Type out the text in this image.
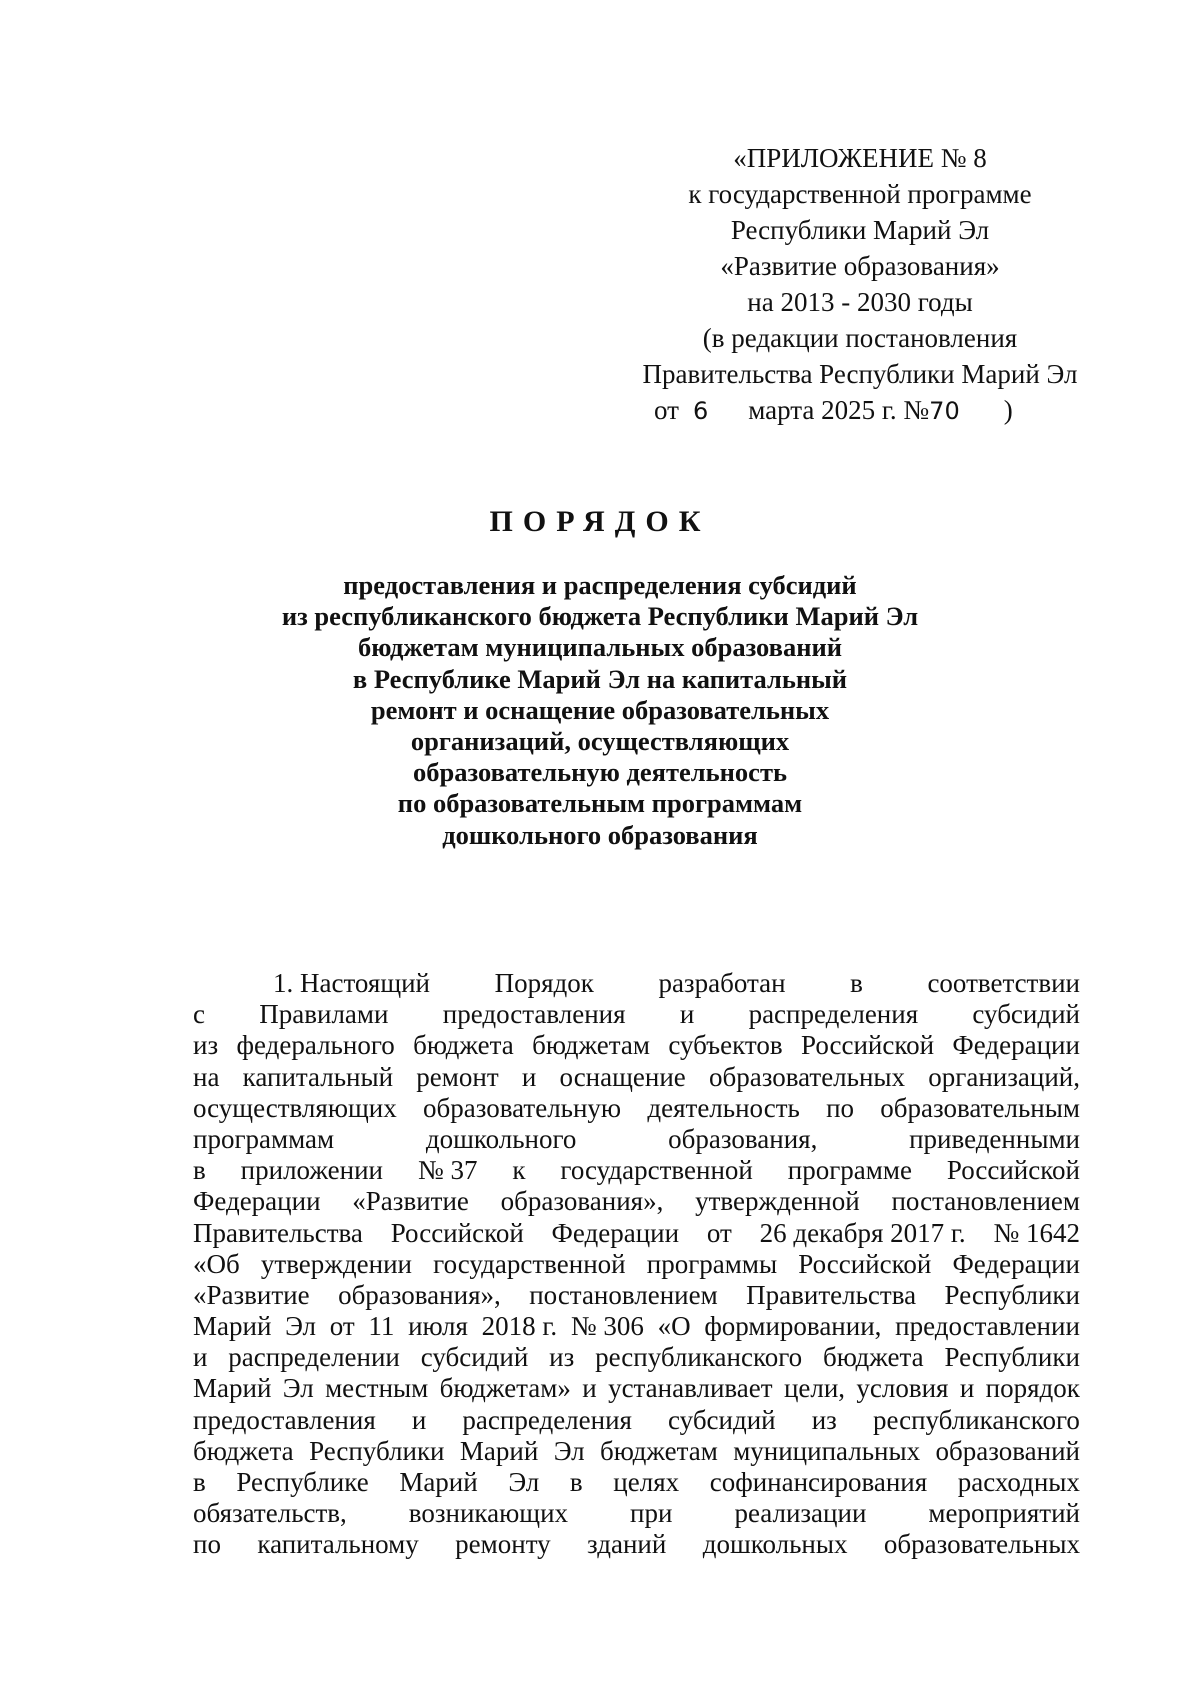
«ПРИЛОЖЕНИЕ № 8
к государственной программе
Республики Марий Эл
«Развитие образования»
на 2013 - 2030 годы
(в редакции постановления
Правительства Республики Марий Эл
от 6 марта 2025 г. №70 )
ПОРЯДОК
предоставления и распределения субсидий
из республиканского бюджета Республики Марий Эл
бюджетам муниципальных образований
в Республике Марий Эл на капитальный
ремонт и оснащение образовательных
организаций, осуществляющих
образовательную деятельность
по образовательным программам
дошкольного образования
1. Настоящий Порядок разработан в соответствии
с Правилами предоставления и распределения субсидий
из федерального бюджета бюджетам субъектов Российской Федерации
на капитальный ремонт и оснащение образовательных организаций,
осуществляющих образовательную деятельность по образовательным
программам	дошкольного	образования,	приведенными
в приложении № 37 к государственной программе Российской
Федерации «Развитие образования», утвержденной постановлением
Правительства Российской Федерации от 26 декабря 2017 г. № 1642
«Об утверждении государственной программы Российской Федерации
«Развитие образования», постановлением Правительства Республики
Марий Эл от 11 июля 2018 г. № 306 «О формировании, предоставлении
и распределении субсидий из республиканского бюджета Республики
Марий Эл местным бюджетам» и устанавливает цели, условия и порядок
предоставления и распределения субсидий из республиканского
бюджета Республики Марий Эл бюджетам муниципальных образований
в Республике Марий Эл в целях софинансирования расходных
обязательств, возникающих при реализации мероприятий
по капитальному ремонту зданий дошкольных образовательных
